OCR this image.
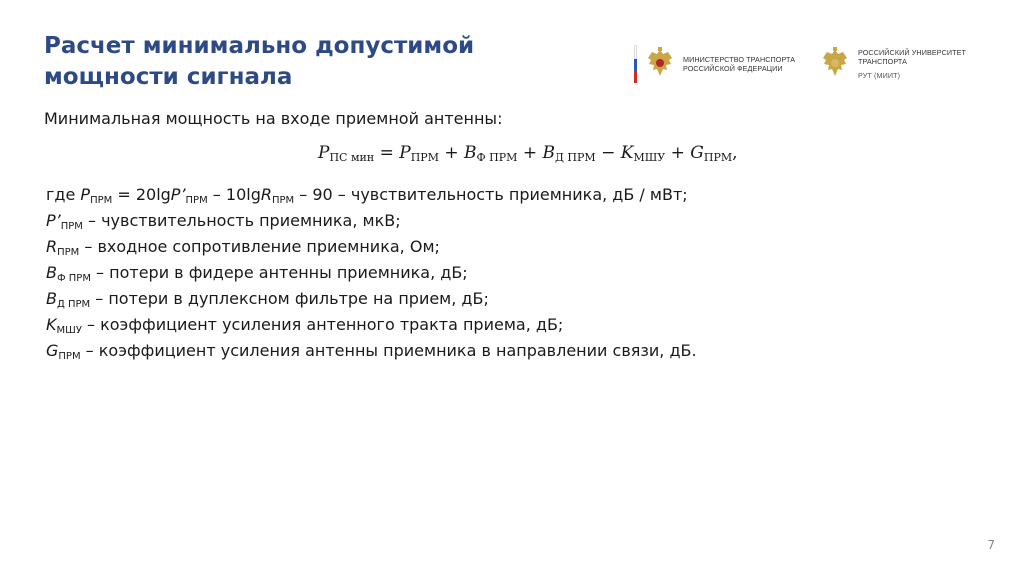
Расчет минимально допустимой
мощности сигнала
МИНИСТЕРСТВО ТРАНСПОРТА
РОССИЙСКОЙ ФЕДЕРАЦИИ
РОССИЙСКИЙ УНИВЕРСИТЕТ
ТРАНСПОРТА
РУТ (МИИТ)
Минимальная мощность на входе приемной антенны:
$P_{ПС мин} = P_{ПРМ} + B_{Ф ПРМ} + B_{Д ПРМ} - K_{МШУ} + G_{ПРМ}$,
где $P_{ПРМ}$ = $20\lg P’_{ПРМ} - 10\lg R_{ПРМ} - 90$ – чувствительность приемника, дБ / мВт;
$P’_{ПРМ}$ – чувствительность приемника, мкВ;
$R_{ПРМ}$ – входное сопротивление приемника, Ом;
$B_{Ф ПРМ}$ – потери в фидере антенны приемника, дБ;
$B_{Д ПРМ}$ – потери в дуплексном фильтре на прием, дБ;
$K_{МШУ}$ – коэффициент усиления антенного тракта приема, дБ;
$G_{ПРМ}$ – коэффициент усиления антенны приемника в направлении связи, дБ.
7
